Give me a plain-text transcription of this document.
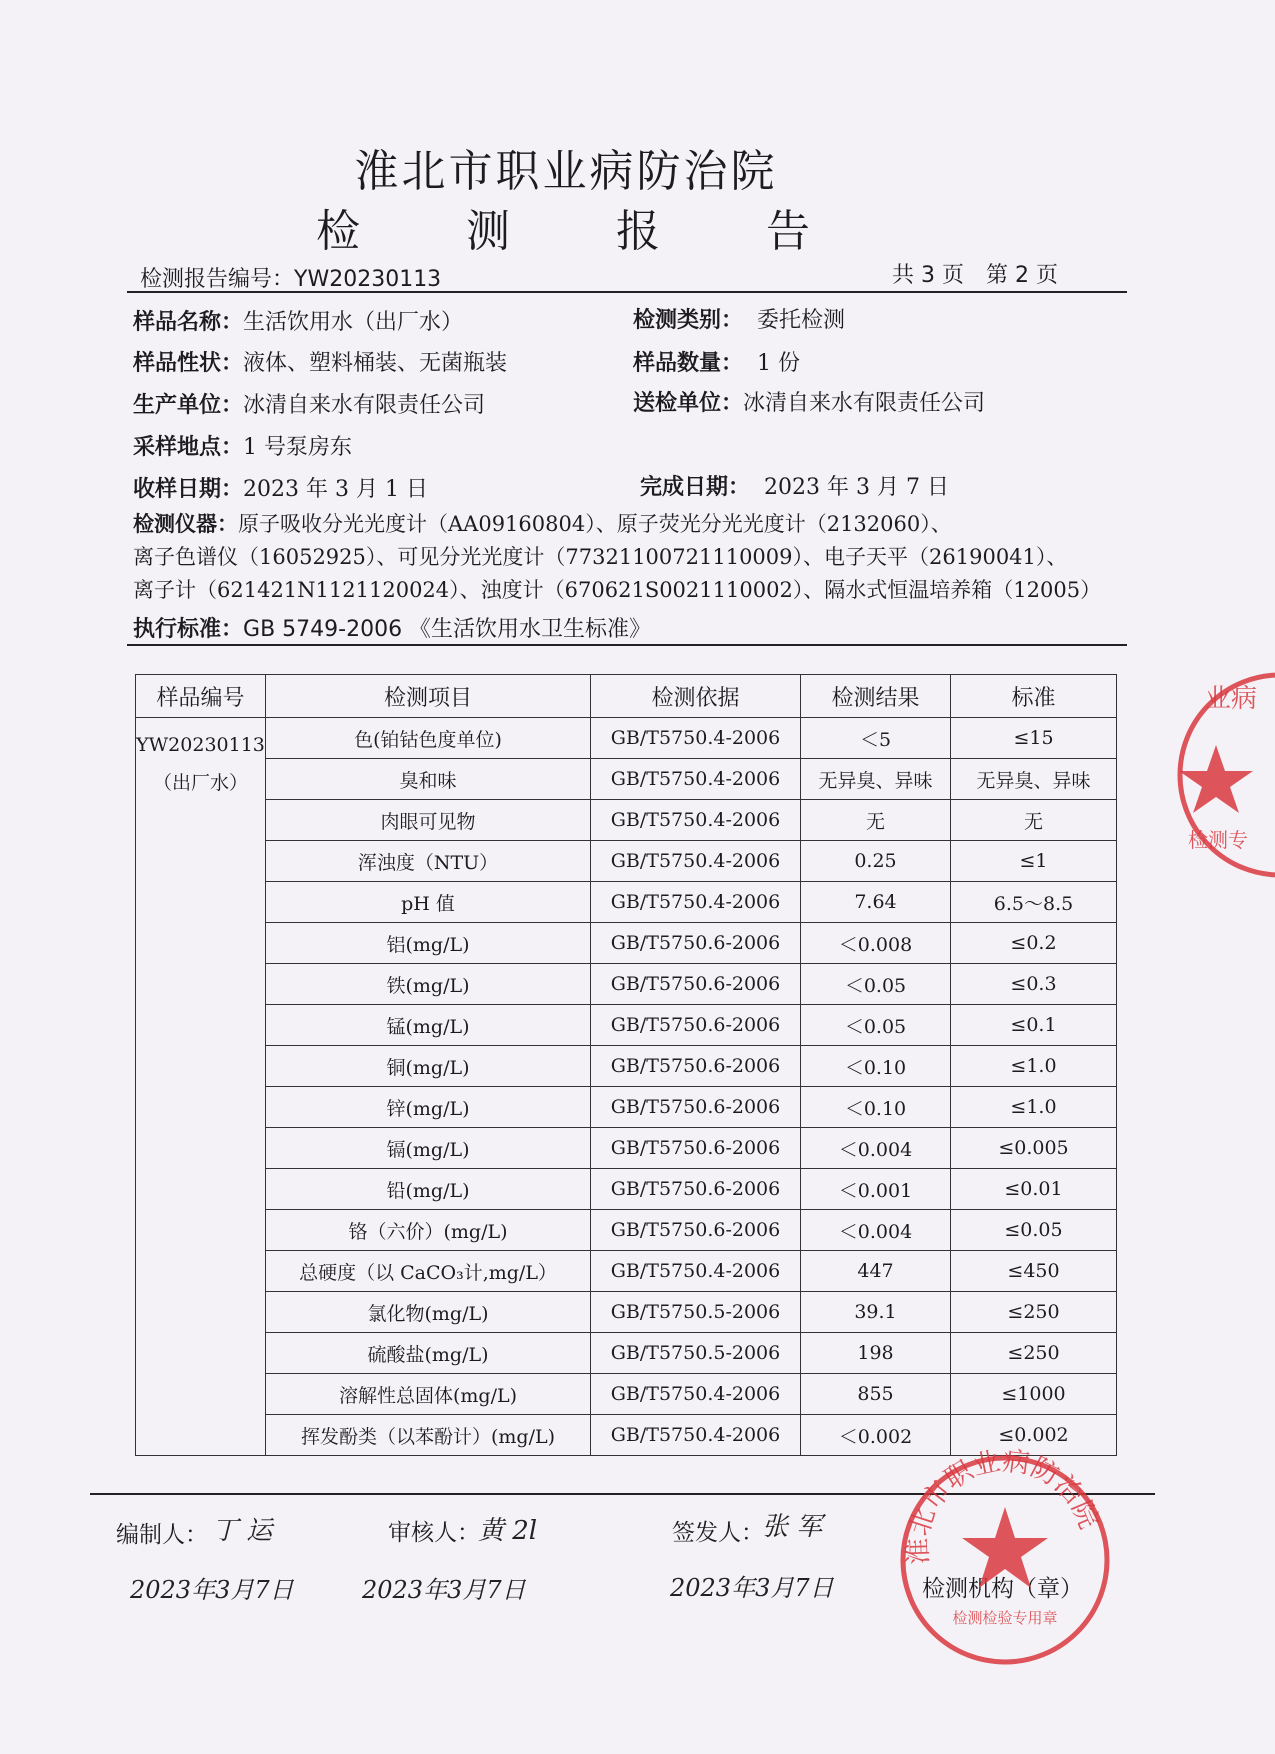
淮北市职业病防治院
检 测 报 告
检测报告编号：YW20230113	共 3 页　第 2 页
样品名称：生活饮用水（出厂水）	检测类别： 委托检测
样品性状：液体、塑料桶装、无菌瓶装	样品数量： 1 份
生产单位：冰清自来水有限责任公司	送检单位：冰清自来水有限责任公司
采样地点：1 号泵房东
收样日期：2023 年 3 月 1 日	完成日期： 2023 年 3 月 7 日
检测仪器：原子吸收分光光度计（AA09160804）、原子荧光分光光度计（2132060）、
离子色谱仪（16052925）、可见分光光度计（77321100721110009）、电子天平（26190041）、
离子计（621421N1121120024）、浊度计（670621S0021110002）、隔水式恒温培养箱（12005）
执行标准：GB 5749-2006 《生活饮用水卫生标准》
样品编号	检测项目	检测依据	检测结果	标准

YW20230113
（出厂水）	色(铂钴色度单位)	GB/T5750.4-2006	＜5	≤15
	臭和味	GB/T5750.4-2006	无异臭、异味	无异臭、异味
	肉眼可见物	GB/T5750.4-2006	无	无
	浑浊度（NTU）	GB/T5750.4-2006	0.25	≤1
	pH 值	GB/T5750.4-2006	7.64	6.5～8.5
	铝(mg/L)	GB/T5750.6-2006	＜0.008	≤0.2
	铁(mg/L)	GB/T5750.6-2006	＜0.05	≤0.3
	锰(mg/L)	GB/T5750.6-2006	＜0.05	≤0.1
	铜(mg/L)	GB/T5750.6-2006	＜0.10	≤1.0
	锌(mg/L)	GB/T5750.6-2006	＜0.10	≤1.0
	镉(mg/L)	GB/T5750.6-2006	＜0.004	≤0.005
	铅(mg/L)	GB/T5750.6-2006	＜0.001	≤0.01
	铬（六价）(mg/L)	GB/T5750.6-2006	＜0.004	≤0.05
	总硬度（以 CaCO₃计,mg/L）	GB/T5750.4-2006	447	≤450
	氯化物(mg/L)	GB/T5750.5-2006	39.1	≤250
	硫酸盐(mg/L)	GB/T5750.5-2006	198	≤250
	溶解性总固体(mg/L)	GB/T5750.4-2006	855	≤1000
	挥发酚类（以苯酚计）(mg/L)	GB/T5750.4-2006	＜0.002	≤0.002
编制人： 丁 运
2023年3月7日
审核人：
黄 2l
2023年3月7日
签发人：
张 军
2023年3月7日	检测机构（章）
淮北市职业病防治院
检测检验专用章
业病
检测专
